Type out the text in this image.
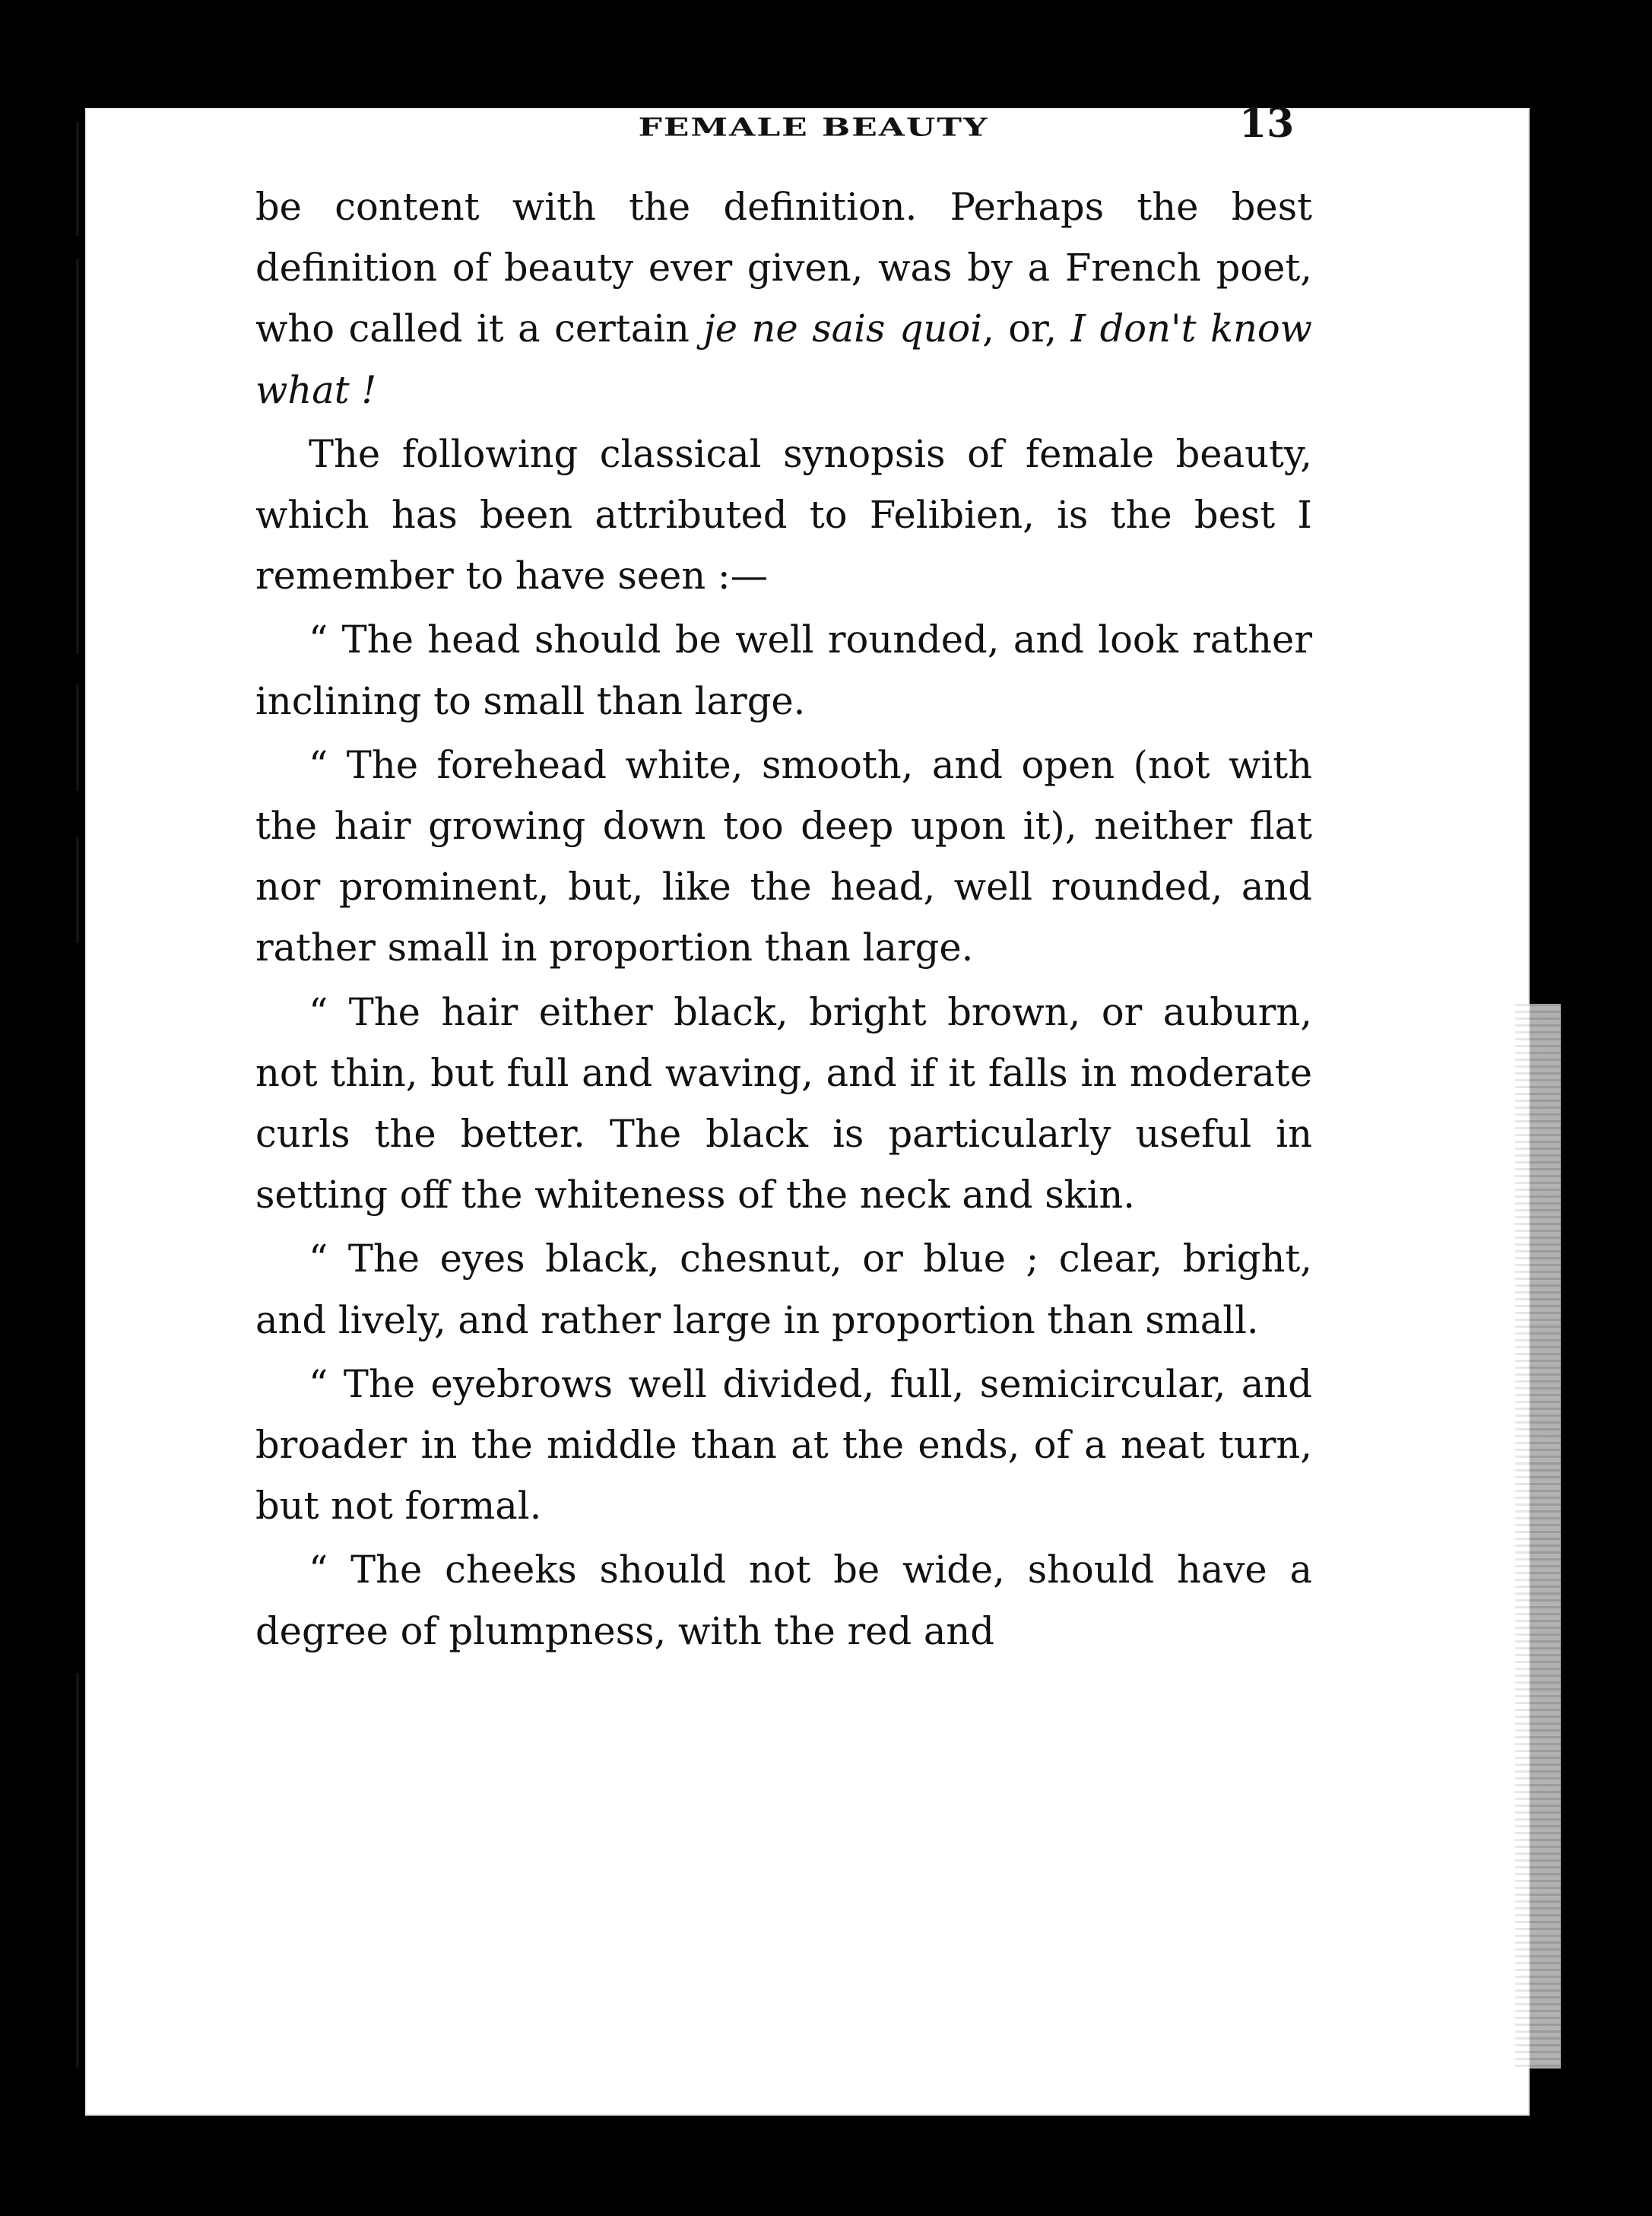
FEMALE BEAUTY	13

be content with the definition. Perhaps the best definition of beauty ever given, was by a French poet, who called it a certain je ne sais quoi, or, I don't know what !

The following classical synopsis of female beauty, which has been attributed to Felibien, is the best I remember to have seen :—

“ The head should be well rounded, and look rather inclining to small than large.

“ The forehead white, smooth, and open (not with the hair growing down too deep upon it), neither flat nor prominent, but, like the head, well rounded, and rather small in proportion than large.

“ The hair either black, bright brown, or auburn, not thin, but full and waving, and if it falls in moderate curls the better. The black is particularly useful in setting off the whiteness of the neck and skin.

“ The eyes black, chesnut, or blue ; clear, bright, and lively, and rather large in proportion than small.

“ The eyebrows well divided, full, semicircular, and broader in the middle than at the ends, of a neat turn, but not formal.

“ The cheeks should not be wide, should have a degree of plumpness, with the red and
